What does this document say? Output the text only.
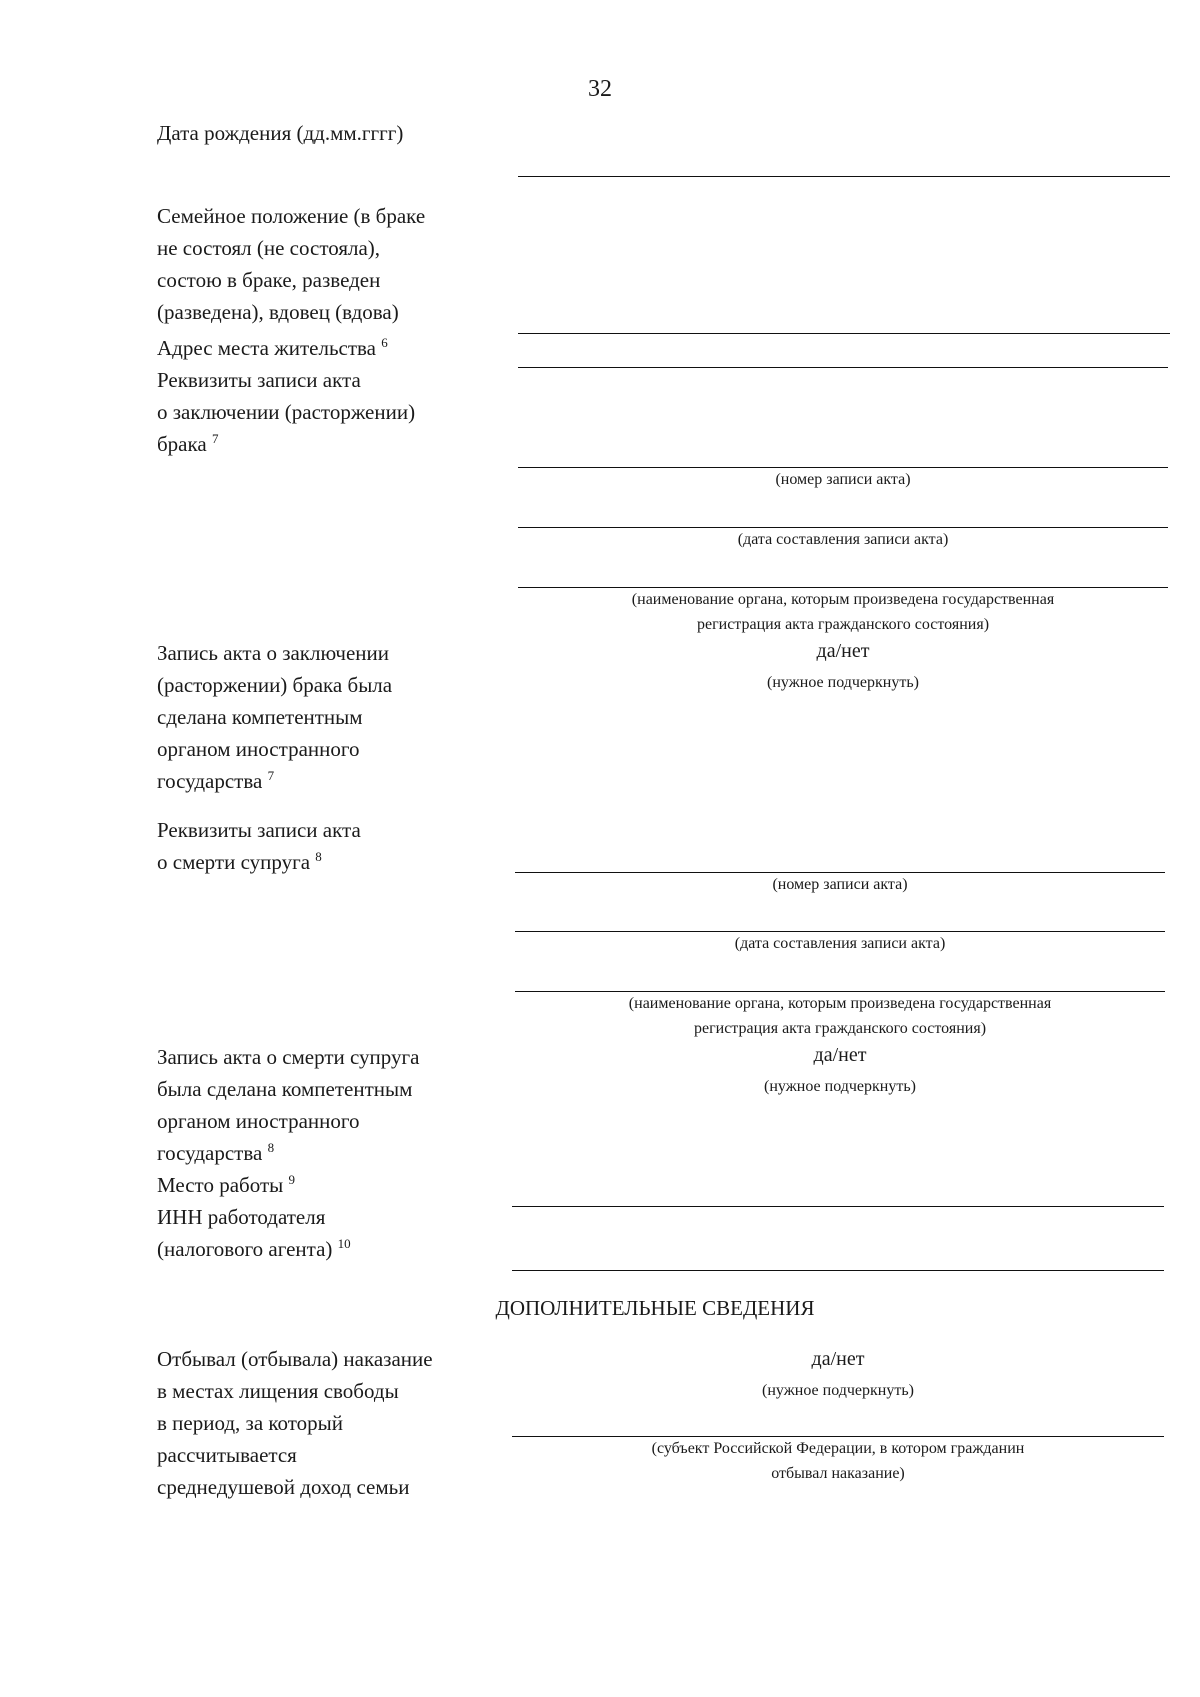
32
Дата рождения (дд.мм.гггг)
Семейное положение (в браке
не состоял (не состояла),
состою в браке, разведен
(разведена), вдовец (вдова)
Адрес места жительства $^6$
Реквизиты записи акта
о заключении (расторжении)
брака $^7$
(номер записи акта)
(дата составления записи акта)
(наименование органа, которым произведена государственная
регистрация акта гражданского состояния)
Запись акта о заключении
(расторжении) брака была
сделана компетентным
органом иностранного
государства $^7$
да/нет
(нужное подчеркнуть)
Реквизиты записи акта
о смерти супруга $^8$
(номер записи акта)
(дата составления записи акта)
(наименование органа, которым произведена государственная
регистрация акта гражданского состояния)
Запись акта о смерти супруга
была сделана компетентным
органом иностранного
государства $^8$
да/нет
(нужное подчеркнуть)
Место работы $^9$
ИНН работодателя
(налогового агента) $^{10}$
ДОПОЛНИТЕЛЬНЫЕ СВЕДЕНИЯ
Отбывал (отбывала) наказание
в местах лищения свободы
в период, за который
рассчитывается
среднедушевой доход семьи
да/нет
(нужное подчеркнуть)
(субъект Российской Федерации, в котором гражданин
отбывал наказание)
